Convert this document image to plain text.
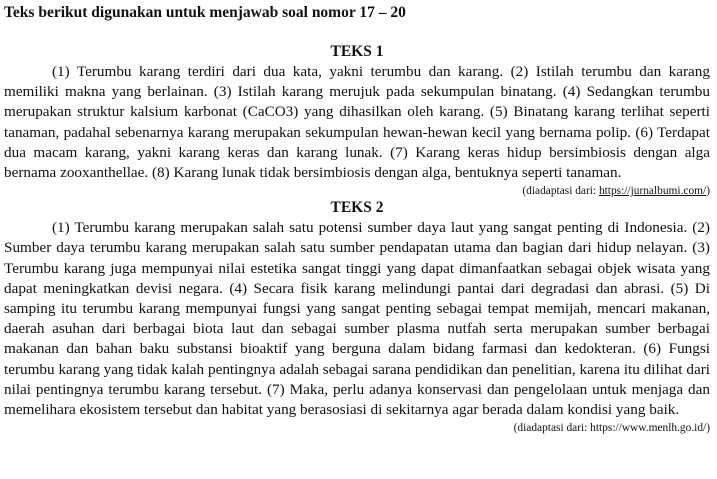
Teks berikut digunakan untuk menjawab soal nomor 17 – 20

TEKS 1

(1) Terumbu karang terdiri dari dua kata, yakni terumbu dan karang. (2) Istilah terumbu dan karang memiliki makna yang berlainan. (3) Istilah karang merujuk pada sekumpulan binatang. (4) Sedangkan terumbu merupakan struktur kalsium karbonat (CaCO3) yang dihasilkan oleh karang. (5) Binatang karang terlihat seperti tanaman, padahal sebenarnya karang merupakan sekumpulan hewan-hewan kecil yang bernama polip. (6) Terdapat dua macam karang, yakni karang keras dan karang lunak. (7) Karang keras hidup bersimbiosis dengan alga bernama zooxanthellae. (8) Karang lunak tidak bersimbiosis dengan alga, bentuknya seperti tanaman.

(diadaptasi dari: https://jurnalbumi.com/)

TEKS 2

(1) Terumbu karang merupakan salah satu potensi sumber daya laut yang sangat penting di Indonesia. (2) Sumber daya terumbu karang merupakan salah satu sumber pendapatan utama dan bagian dari hidup nelayan. (3) Terumbu karang juga mempunyai nilai estetika sangat tinggi yang dapat dimanfaatkan sebagai objek wisata yang dapat meningkatkan devisi negara. (4) Secara fisik karang melindungi pantai dari degradasi dan abrasi. (5) Di samping itu terumbu karang mempunyai fungsi yang sangat penting sebagai tempat memijah, mencari makanan, daerah asuhan dari berbagai biota laut dan sebagai sumber plasma nutfah serta merupakan sumber berbagai makanan dan bahan baku substansi bioaktif yang berguna dalam bidang farmasi dan kedokteran. (6) Fungsi terumbu karang yang tidak kalah pentingnya adalah sebagai sarana pendidikan dan penelitian, karena itu dilihat dari nilai pentingnya terumbu karang tersebut. (7) Maka, perlu adanya konservasi dan pengelolaan untuk menjaga dan memelihara ekosistem tersebut dan habitat yang berasosiasi di sekitarnya agar berada dalam kondisi yang baik.

(diadaptasi dari: https://www.menlh.go.id/)
